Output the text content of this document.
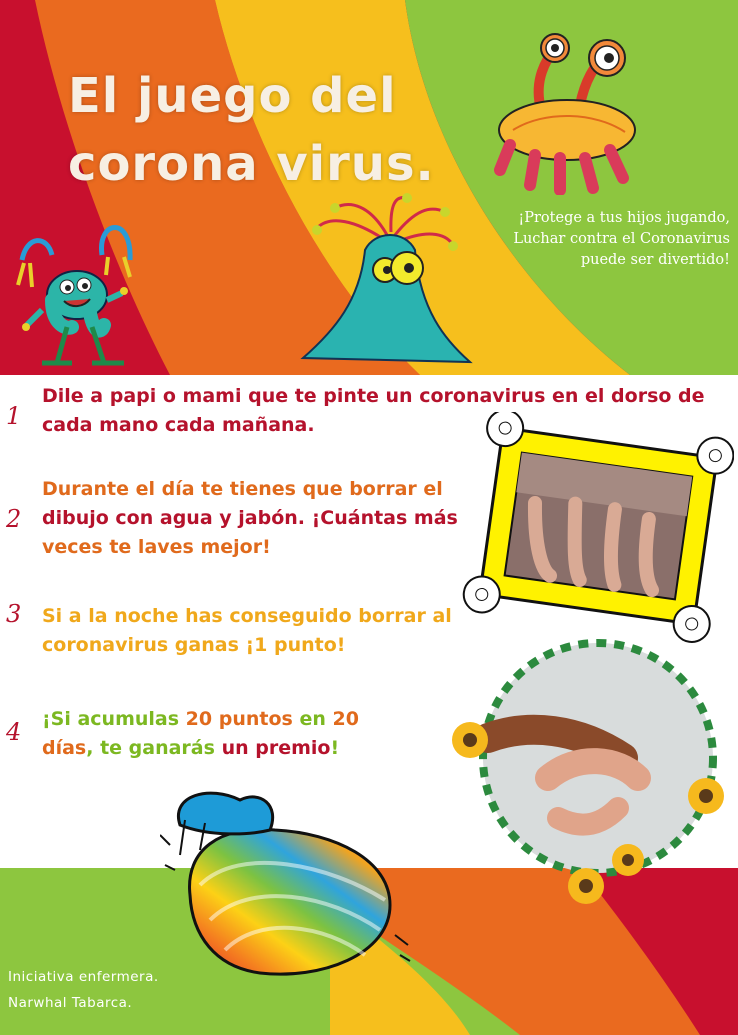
El juego del
corona virus.
¡Protege a tus hijos jugando,
Luchar contra el Coronavirus
puede ser divertido!
1
2
3
4

Dile a papi o mami que te pinte un coronavirus en el dorso de
cada mano cada mañana.

Durante el día te tienes que borrar el
dibujo con agua y jabón. ¡Cuántas más
veces te laves mejor!

Si a la noche has conseguido borrar al
coronavirus ganas ¡1 punto!

¡Si acumulas 20 puntos en 20
días, te ganarás un premio!

Iniciativa enfermera.
Narwhal Tabarca.
